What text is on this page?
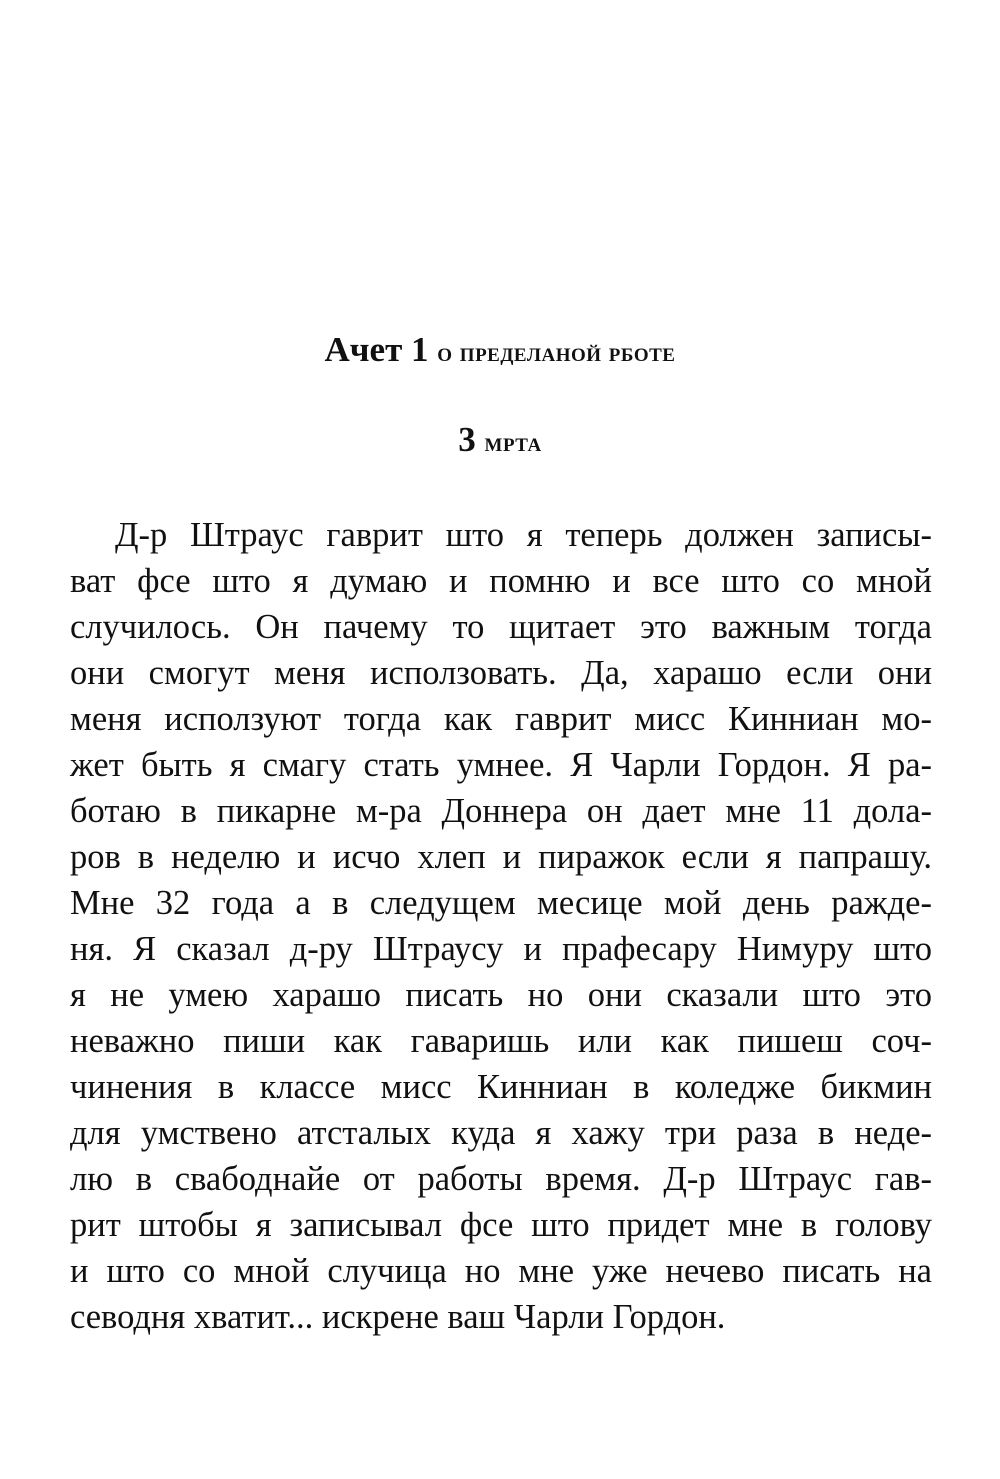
Ачет 1 о пределаной рботе
3 мрта
Д-р Штраус гаврит што я теперь должен записы-
ват фсе што я думаю и помню и все што со мной
случилось. Он пачему то щитает это важным тогда
они смогут меня исползовать. Да, харашо если они
меня исползуют тогда как гаврит мисс Кинниан мо-
жет быть я смагу стать умнее. Я Чарли Гордон. Я ра-
ботаю в пикарне м-ра Доннера он дает мне 11 дола-
ров в неделю и исчо хлеп и пиражок если я папрашу.
Мне 32 года а в следущем месице мой день ражде-
ня. Я сказал д-ру Штраусу и прафесару Нимуру што
я не умею харашо писать но они сказали што это
неважно пиши как гаваришь или как пишеш соч-
чинения в классе мисс Кинниан в коледже бикмин
для умствено атсталых куда я хажу три раза в неде-
лю в свабоднайе от работы время. Д-р Штраус гав-
рит штобы я записывал фсе што придет мне в голову
и што со мной случица но мне уже нечево писать на
севодня хватит... искрене ваш Чарли Гордон.
